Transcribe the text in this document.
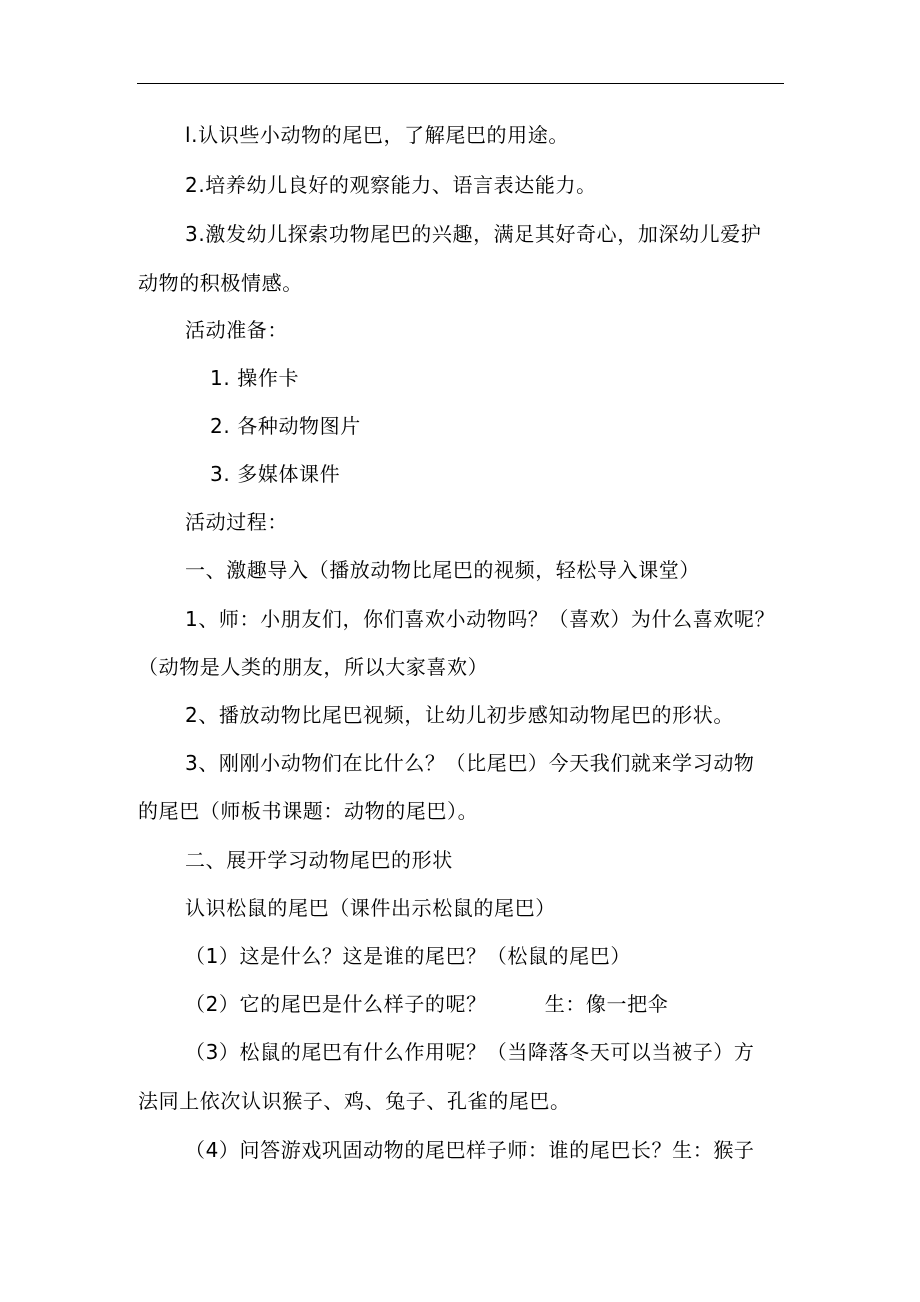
l.认识些小动物的尾巴，了解尾巴的用途。
2.培养幼儿良好的观察能力、语言表达能力。
3.激发幼儿探索功物尾巴的兴趣，满足其好奇心，加深幼儿爱护
动物的积极情感。
活动准备：
1. 操作卡
2. 各种动物图片
3. 多媒体课件
活动过程：
一、激趣导入（播放动物比尾巴的视频，轻松导入课堂）
1、师：小朋友们，你们喜欢小动物吗？（喜欢）为什么喜欢呢？
（动物是人类的朋友，所以大家喜欢）
2、播放动物比尾巴视频，让幼儿初步感知动物尾巴的形状。
3、刚刚小动物们在比什么？（比尾巴）今天我们就来学习动物
的尾巴（师板书课题：动物的尾巴）。
二、展开学习动物尾巴的形状
认识松鼠的尾巴（课件出示松鼠的尾巴）
（1）这是什么？这是谁的尾巴？（松鼠的尾巴）
（2）它的尾巴是什么样子的呢？	生：像一把伞
（3）松鼠的尾巴有什么作用呢？（当降落冬天可以当被子）方
法同上依次认识猴子、鸡、兔子、孔雀的尾巴。
（4）问答游戏巩固动物的尾巴样子师：谁的尾巴长？生：猴子
